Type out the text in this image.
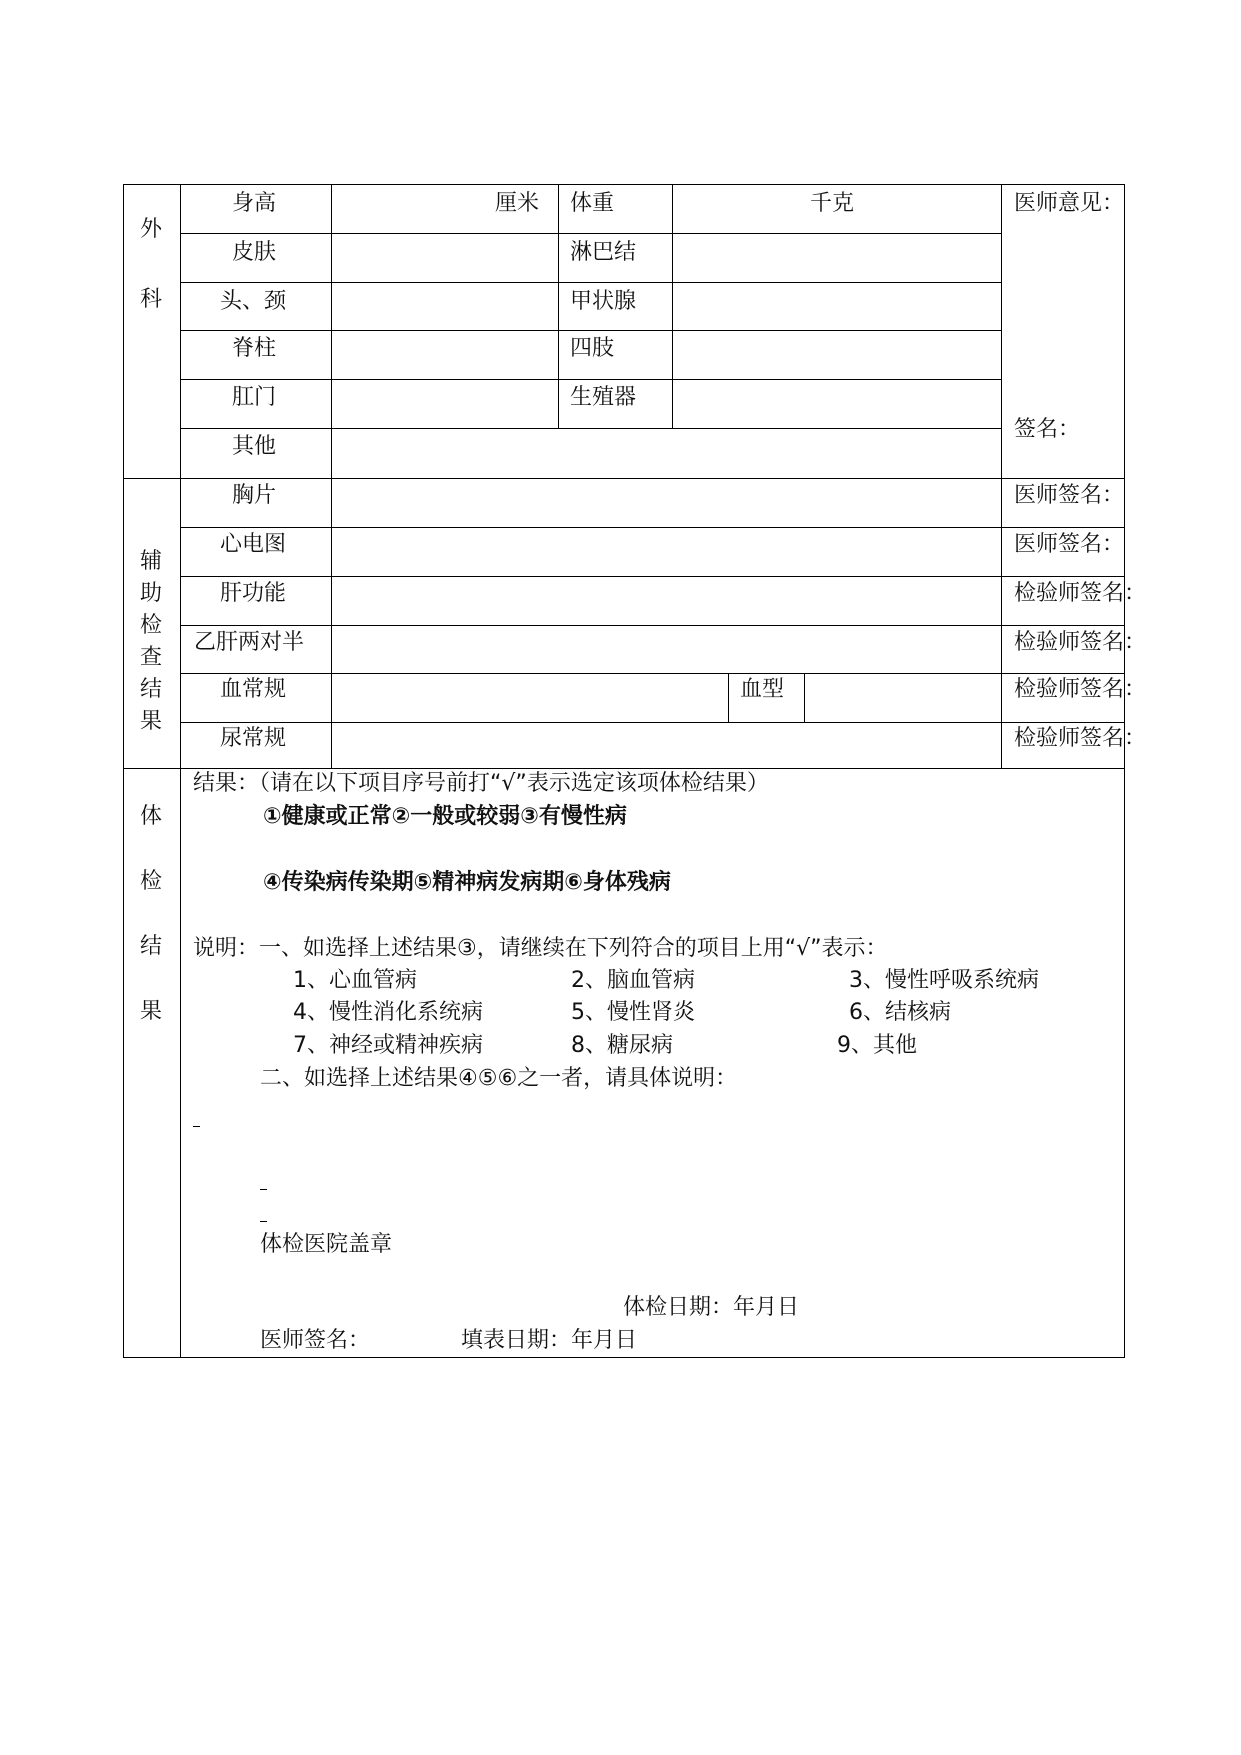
外
科
身高	厘米 体重	千克
皮肤	淋巴结
头、颈	甲状腺
脊柱	四肢
肛门	生殖器
其他
医师意见：
签名：
辅
助
检
查
结
果
胸片	医师签名：
心电图	医师签名：
肝功能	检验师签名：
乙肝两对半	检验师签名：
血常规	血型	检验师签名：
尿常规	检验师签名：
体
检
结
果
结果：（请在以下项目序号前打“√”表示选定该项体检结果）
①健康或正常②一般或较弱③有慢性病
④传染病传染期⑤精神病发病期⑥身体残病
说明：一、如选择上述结果③，请继续在下列符合的项目上用“√”表示：
1、心血管病	2、脑血管病	3、慢性呼吸系统病
4、慢性消化系统病	5、慢性肾炎	6、结核病
7、神经或精神疾病	8、糖尿病	9、其他
二、如选择上述结果④⑤⑥之一者，请具体说明：
体检医院盖章
体检日期：年月日
医师签名：	填表日期：年月日
